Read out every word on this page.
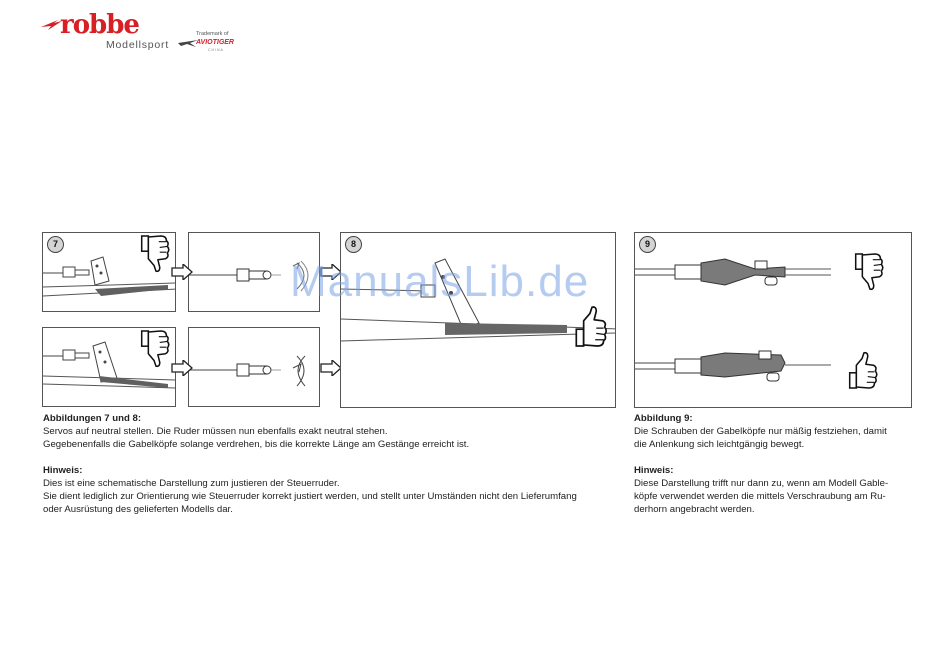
robbe
Modellsport
Trademark of
AVIOTIGER
CHINA
7	8	9
ManualsLib.de

Abbildungen 7 und 8:

Servos auf neutral stellen. Die Ruder müssen nun ebenfalls exakt neutral stehen.

Gegebenenfalls die Gabelköpfe solange verdrehen, bis die korrekte Länge am Gestänge erreicht ist.

Hinweis:

Dies ist eine schematische Darstellung zum justieren der Steuerruder.

Sie dient lediglich zur Orientierung wie Steuerruder korrekt justiert werden, und stellt unter Umständen nicht den Lieferumfang

oder Ausrüstung des gelieferten Modells dar.

Abbildung 9:

Die Schrauben der Gabelköpfe nur mäßig festziehen, damit

die Anlenkung sich leichtgängig bewegt.

Hinweis:

Diese Darstellung trifft nur dann zu, wenn am Modell Gable-

köpfe verwendet werden die mittels Verschraubung am Ru-

derhorn angebracht werden.
